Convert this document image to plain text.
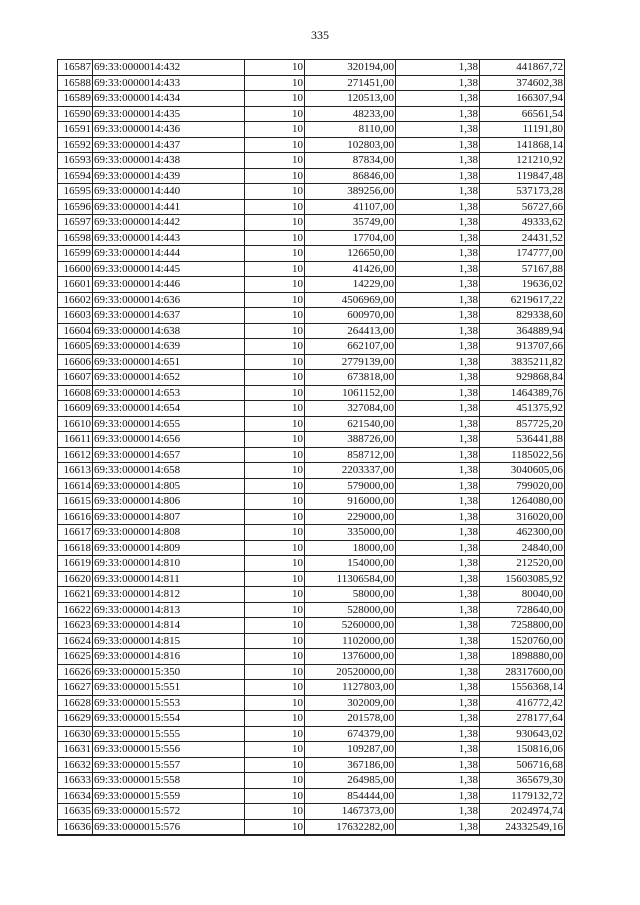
335
16587	69:33:0000014:432	10	320194,00	1,38	441867,72
16588	69:33:0000014:433	10	271451,00	1,38	374602,38
16589	69:33:0000014:434	10	120513,00	1,38	166307,94
16590	69:33:0000014:435	10	48233,00	1,38	66561,54
16591	69:33:0000014:436	10	8110,00	1,38	11191,80
16592	69:33:0000014:437	10	102803,00	1,38	141868,14
16593	69:33:0000014:438	10	87834,00	1,38	121210,92
16594	69:33:0000014:439	10	86846,00	1,38	119847,48
16595	69:33:0000014:440	10	389256,00	1,38	537173,28
16596	69:33:0000014:441	10	41107,00	1,38	56727,66
16597	69:33:0000014:442	10	35749,00	1,38	49333,62
16598	69:33:0000014:443	10	17704,00	1,38	24431,52
16599	69:33:0000014:444	10	126650,00	1,38	174777,00
16600	69:33:0000014:445	10	41426,00	1,38	57167,88
16601	69:33:0000014:446	10	14229,00	1,38	19636,02
16602	69:33:0000014:636	10	4506969,00	1,38	6219617,22
16603	69:33:0000014:637	10	600970,00	1,38	829338,60
16604	69:33:0000014:638	10	264413,00	1,38	364889,94
16605	69:33:0000014:639	10	662107,00	1,38	913707,66
16606	69:33:0000014:651	10	2779139,00	1,38	3835211,82
16607	69:33:0000014:652	10	673818,00	1,38	929868,84
16608	69:33:0000014:653	10	1061152,00	1,38	1464389,76
16609	69:33:0000014:654	10	327084,00	1,38	451375,92
16610	69:33:0000014:655	10	621540,00	1,38	857725,20
16611	69:33:0000014:656	10	388726,00	1,38	536441,88
16612	69:33:0000014:657	10	858712,00	1,38	1185022,56
16613	69:33:0000014:658	10	2203337,00	1,38	3040605,06
16614	69:33:0000014:805	10	579000,00	1,38	799020,00
16615	69:33:0000014:806	10	916000,00	1,38	1264080,00
16616	69:33:0000014:807	10	229000,00	1,38	316020,00
16617	69:33:0000014:808	10	335000,00	1,38	462300,00
16618	69:33:0000014:809	10	18000,00	1,38	24840,00
16619	69:33:0000014:810	10	154000,00	1,38	212520,00
16620	69:33:0000014:811	10	11306584,00	1,38	15603085,92
16621	69:33:0000014:812	10	58000,00	1,38	80040,00
16622	69:33:0000014:813	10	528000,00	1,38	728640,00
16623	69:33:0000014:814	10	5260000,00	1,38	7258800,00
16624	69:33:0000014:815	10	1102000,00	1,38	1520760,00
16625	69:33:0000014:816	10	1376000,00	1,38	1898880,00
16626	69:33:0000015:350	10	20520000,00	1,38	28317600,00
16627	69:33:0000015:551	10	1127803,00	1,38	1556368,14
16628	69:33:0000015:553	10	302009,00	1,38	416772,42
16629	69:33:0000015:554	10	201578,00	1,38	278177,64
16630	69:33:0000015:555	10	674379,00	1,38	930643,02
16631	69:33:0000015:556	10	109287,00	1,38	150816,06
16632	69:33:0000015:557	10	367186,00	1,38	506716,68
16633	69:33:0000015:558	10	264985,00	1,38	365679,30
16634	69:33:0000015:559	10	854444,00	1,38	1179132,72
16635	69:33:0000015:572	10	1467373,00	1,38	2024974,74
16636	69:33:0000015:576	10	17632282,00	1,38	24332549,16
